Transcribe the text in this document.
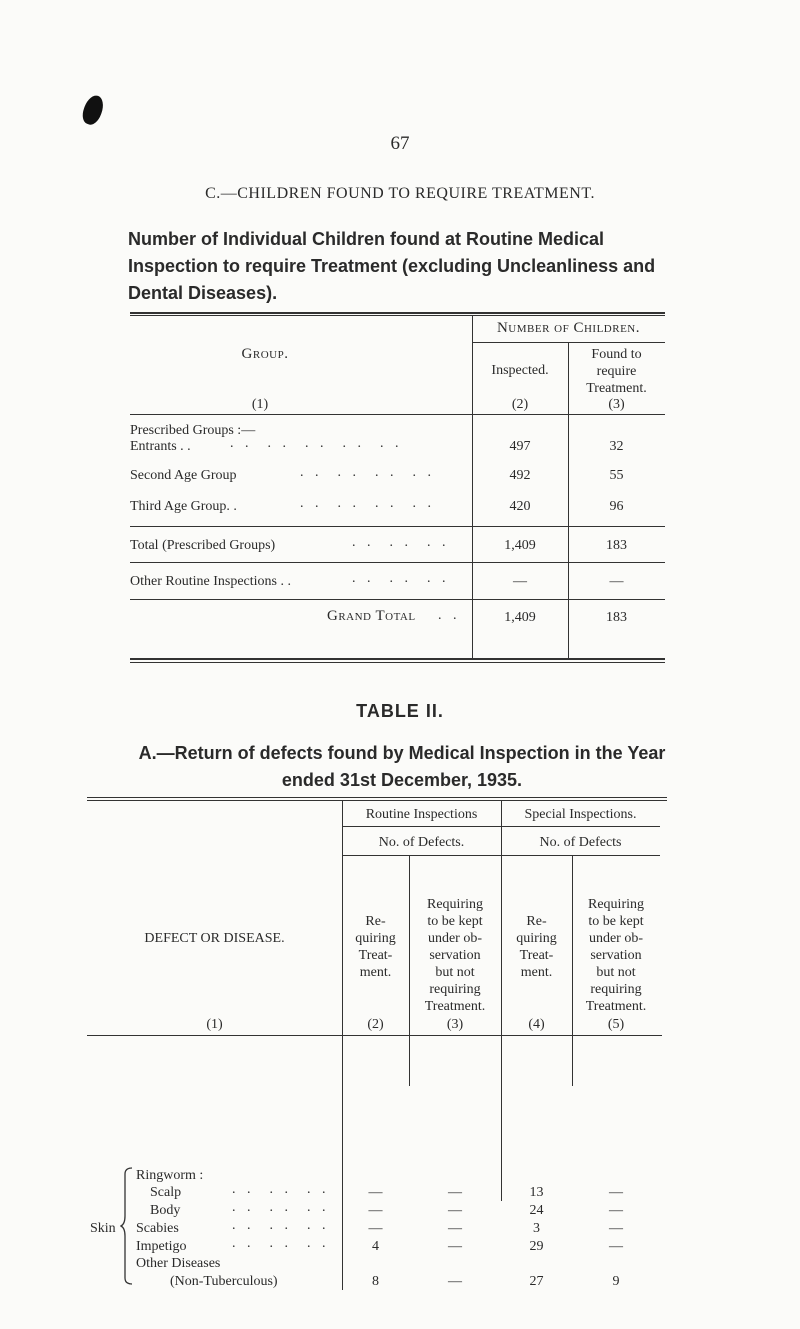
67
C.—CHILDREN FOUND TO REQUIRE TREATMENT.
Number of Individual Children found at Routine Medical Inspection to require Treatment (excluding Uncleanliness and Dental Diseases).
Group.
(1)
Number of Children.
Inspected.
(2)
Found to
require
Treatment.
(3)
Prescribed Groups :—
Entrants . .	. .  . .  . .  . .  . .	497	32
Second Age Group	. .  . .  . .  . .	492	55
Third Age Group. .	. .  . .  . .  . .	420	96
Total (Prescribed Groups)	. .  . .  . .	1,409	183
Other Routine Inspections . .	. .  . .  . .	—	—
Grand Total . .	1,409	183
TABLE II.
A.—Return of defects found by Medical Inspection in the Year ended 31st December, 1935.
Routine Inspections	Special Inspections.
No. of Defects.	No. of Defects
DEFECT OR DISEASE.
(1)
Re-
quiring
Treat-
ment.
Requiring
to be kept
under ob-
servation
but not
requiring
Treatment.
Re-
quiring
Treat-
ment.
Requiring
to be kept
under ob-
servation
but not
requiring
Treatment.
(2)	(3)	(4)	(5)
Skin
Ringworm :
Scalp	. .  . .  . .	—	—	13	—
Body	. .  . .  . .	—	—	24	—
Scabies	. .  . .  . .	—	—	3	—
Impetigo	. .  . .  . .	4	—	29	—
Other Diseases
(Non-Tuberculous)	8	—	27	9
